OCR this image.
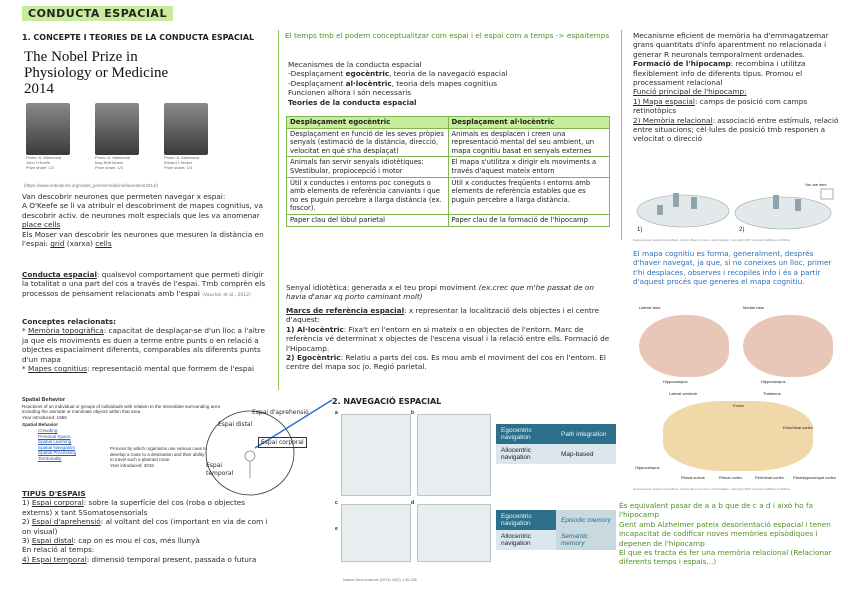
CONDUCTA ESPACIAL
1. CONCEPTE I TEORIES DE LA CONDUCTA ESPACIAL
The Nobel Prize in
Physiology or Medicine
2014
Photo: A. Mahmoud
John O'Keefe
Prize share: 1/2
Photo: A. Mahmoud
May-Britt Moser
Prize share: 1/4
Photo: A. Mahmoud
Edvard I. Moser
Prize share: 1/4
(https://www.nobelprize.org/nobel_prizes/medicine/laureates/2014/)
Van descobrir neurones que permeten navegar x espai:
A O'Keefe se li va atribuir el descobriment de mapes cognitius, va descobrir activ. de neurones molt especials que les va anomenar place cells
Els Moser van descobrir les neurones que mesuren la distància en l'espai: grid (xarxa) cells
Conducta espacial: qualsevol comportament que permeti dirigir la totalitat o una part del cos a través de l'espai. Tmb comprèn els processos de pensament relacionats amb l'espai (Vauclair et al., 2012)
Conceptes relacionats:
* Memòria topogràfica: capacitat de desplaçar-se d'un lloc a l'altre ja que els moviments es duen a terme entre punts o en relació a objectes espacialment diferents, comparables als diferents punts d'un mapa
* Mapes cognitius: representació mental que formem de l'espai
Spatial Behavior
Reactions of an individual or groups of individuals with relation to the immediate surrounding area including the animate or inanimate objects within that area.
Year introduced: 1966
Spatial Behavior
Crowding
Personal Space
Spatial Learning
Spatial Navigation
Spatial Processing
Territoriality
Process by which organisms use various cues to develop a route to a destination and their ability to travel such a planned route.
Year introduced: 2015
Espai d'aprehensió
Espai distal
Espai corporal
Espai
temporal
TIPUS D'ESPAIS
1) Espai corporal: sobre la superfície del cos (roba o objectes externs) x tant SSomatosensorials
2) Espai d'aprehensió: al voltant del cos (important en via de com i on visual)
3) Espai distal: cap on es mou el cos, més llunyà
En relació al temps:
4) Espai temporal: dimensió temporal present, passada o futura
El temps tmb el podem conceptualitzar com espai i el espai com a temps -> espaitemps
Mecanismes de la conducta espacial
-Desplaçament egocèntric, teoria de la navegació espacial
-Desplaçament al·locèntric, teoria dels mapes cognitius
Funcionen alhora i són necessaris
Teories de la conducta espacial
Desplaçament egocèntric	Desplaçament al·locèntric
Desplaçament en funció de les seves pròpies senyals (estimació de la distància, direcció, velocitat en què s'ha desplaçat)	Animals es desplacen i creen una representació mental del seu ambient, un mapa cognitiu basat en senyals externes
Animals fan servir senyals idiotètiques: SVestibular, propiocepció i motor	El mapa s'utilitza x dirigir els moviments a través d'aquest mateix entorn
Útil x conductes i entorns poc coneguts o amb elements de referència canviants i que no es puguin percebre a llarga distància (ex. foscor).	Útil x conductes freqüents i entorns amb elements de referència estables que es puguin percebre a llarga distància.
Paper clau del lòbul parietal	Paper clau de la formació de l'hipocamp
Senyal idiotètica: generada x el teu propi moviment (ex.crec que m'he passat de on havia d'anar xq porto caminant molt)
Marcs de referència espacial: x representar la localització dels objectes i el centre d'aquest:
1) Al·locèntric: Fixa't en l'entorn en si mateix o en objectes de l'entorn. Marc de referència vé determinat x objectes de l'escena visual i la relació entre ells. Formació de l'Hipocamp.
2) Egocèntric: Relatiu a parts del cos. Es mou amb el moviment del cos en l'entorn. El centre del mapa soc jo. Regió parietal.
2. NAVEGACIÓ ESPACIAL
a	b
c	d
e
Nature Neuroscience (2013) 16(2), 130-138
Egocentric navigation	Path integration
Allocentric navigation	Map-based
Egocentric navigation	Episodic memory
Allocentric navigation	Semantic memory
Mecanisme eficient de memòria ha d'emmagatzemar grans quantitats d'info aparentment no relacionada i generar R neuronals temporalment ordenades.
Formació de l'hipocamp: recombina i utilitza flexiblement info de diferents tipus. Promou el processament relacional
Funció principal de l'hipocamp:
1) Mapa espacial: camps de posició com camps retinotòpics
2) Memòria relacional: associació entre estímuls, relació entre situacions; cèl·lules de posició tmb responen a velocitat o direcció
1)	2)
You are here
Neuroscience: Exploring the Brain, 3rd Ed, Bear, Connors, and Paradiso. Copyright 2007 Lippincott Williams & Wilkins
El mapa cognitiu es forma, generalment, després d'haver navegat, ja que, si no coneixes un lloc, primer t'hi desplaces, observes i recopiles info i és a partir d'aquest procés que generes el mapa cognitiu.
Lateral view	Medial view
Hippocampus	Hippocampus
Lateral ventricle	Thalamus
Fornix
Entorhinal cortex
Hippocampus
Rhinal sulcus	Rhinal cortex	Perirhinal cortex Parahippocampal cortex
Neuroscience: Exploring the Brain, 3rd Ed, Bear, Connors, and Paradiso. Copyright 2007 Lippincott Williams & Wilkins
És equivalent pasar de a a b que de c a d i això ho fa l'hipocamp
Gent amb Alzheimer pateix desorientació espacial i tenen incapacitat de codificar noves memòries episòdiques i depenen de l'hipocamp
El que es tracta és fer una memòria relacional (Relacionar diferents temps i espais...)
